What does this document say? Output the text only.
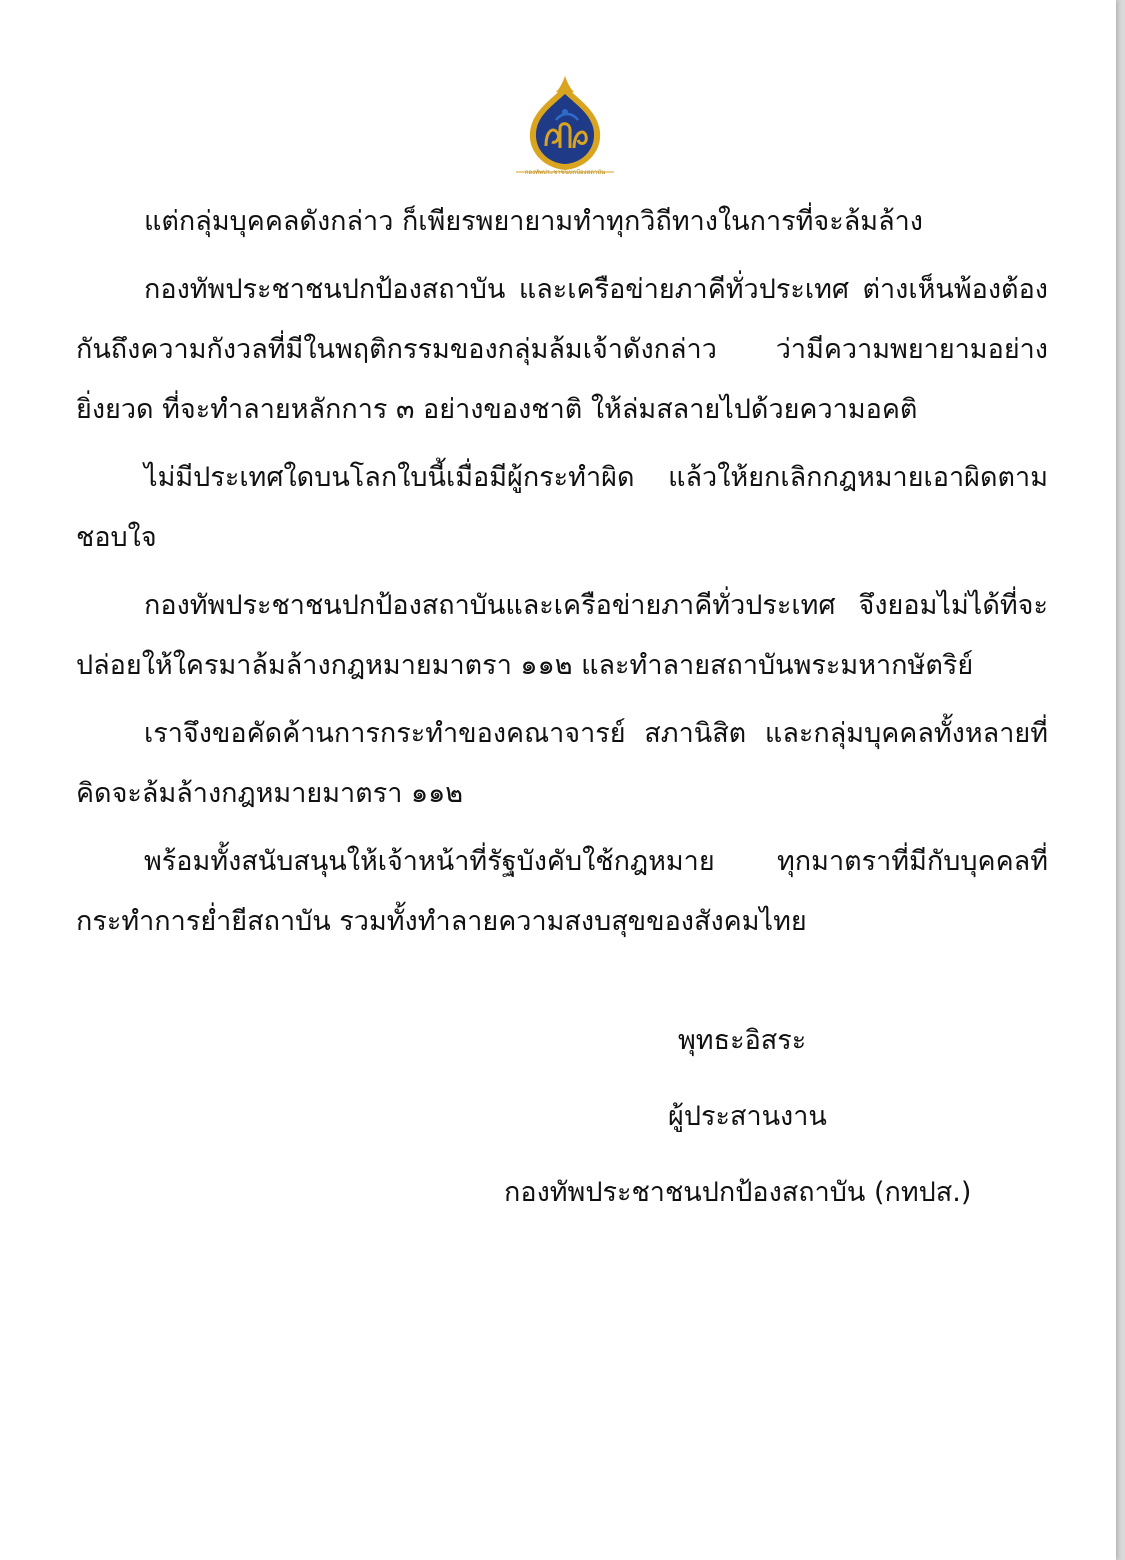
กองทัพประชาชนปกป้องสถาบัน

แต่กลุ่มบุคคลดังกล่าว ก็เพียรพยายามทำทุกวิถีทางในการที่จะล้มล้าง

กองทัพประชาชนปกป้องสถาบัน และเครือข่ายภาคีทั่วประเทศ ต่างเห็นพ้องต้องกันถึงความกังวลที่มีในพฤติกรรมของกลุ่มล้มเจ้าดังกล่าว ว่ามีความพยายามอย่างยิ่งยวด ที่จะทำลายหลักการ ๓ อย่างของชาติ ให้ล่มสลายไปด้วยความอคติ

ไม่มีประเทศใดบนโลกใบนี้เมื่อมีผู้กระทำผิด แล้วให้ยกเลิกกฎหมายเอาผิดตามชอบใจ

กองทัพประชาชนปกป้องสถาบันและเครือข่ายภาคีทั่วประเทศ จึงยอมไม่ได้ที่จะปล่อยให้ใครมาล้มล้างกฎหมายมาตรา ๑๑๒ และทำลายสถาบันพระมหากษัตริย์

เราจึงขอคัดค้านการกระทำของคณาจารย์ สภานิสิต และกลุ่มบุคคลทั้งหลายที่คิดจะล้มล้างกฎหมายมาตรา ๑๑๒

พร้อมทั้งสนับสนุนให้เจ้าหน้าที่รัฐบังคับใช้กฎหมาย ทุกมาตราที่มีกับบุคคลที่กระทำการย่ำยีสถาบัน รวมทั้งทำลายความสงบสุขของสังคมไทย

พุทธะอิสระ
ผู้ประสานงาน
กองทัพประชาชนปกป้องสถาบัน (กทปส.)
